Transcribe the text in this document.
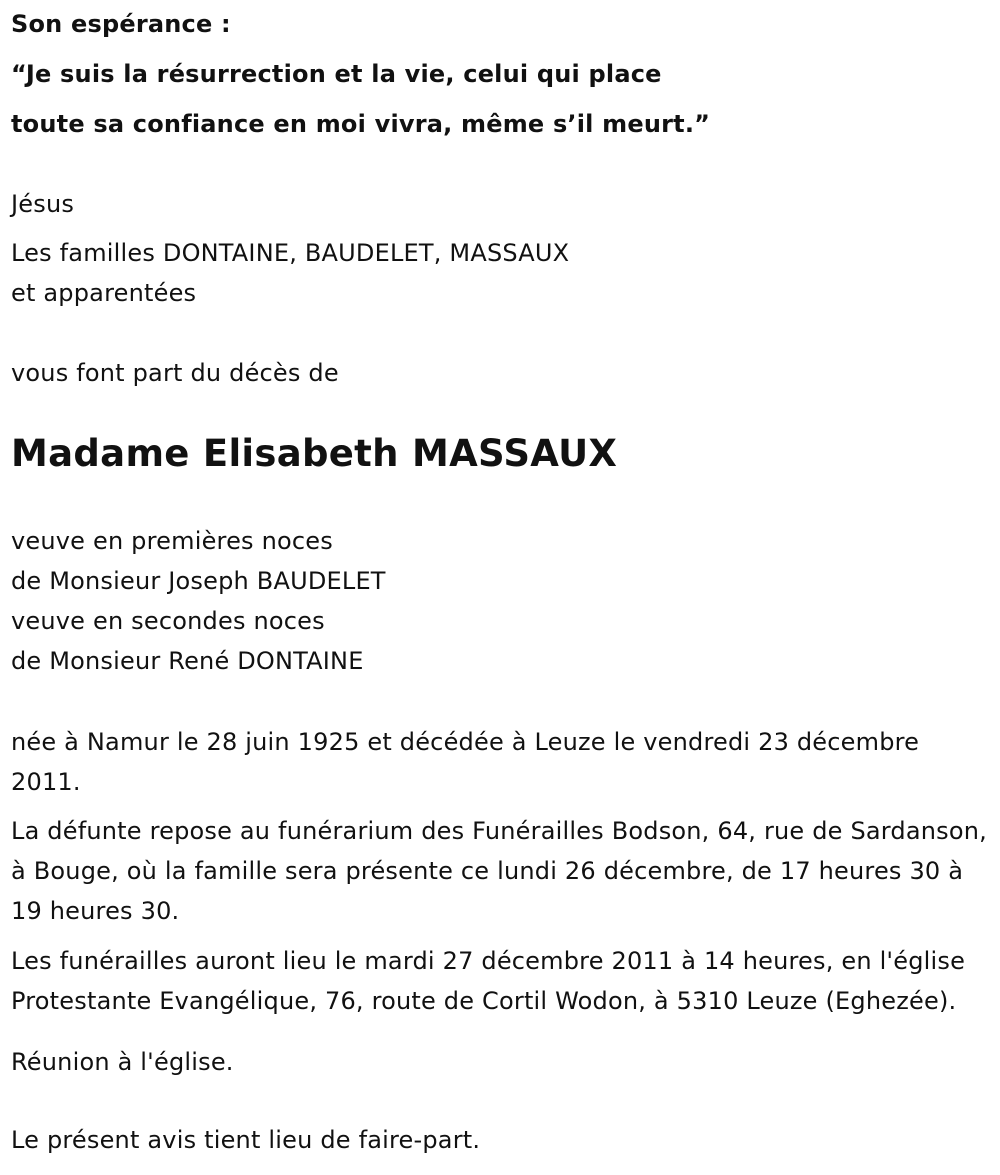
Son espérance :
“Je suis la résurrection et la vie, celui qui place
toute sa confiance en moi vivra, même s’il meurt.”
Jésus
Les familles DONTAINE, BAUDELET, MASSAUX
et apparentées
vous font part du décès de
Madame Elisabeth MASSAUX
veuve en premières noces
de Monsieur Joseph BAUDELET
veuve en secondes noces
de Monsieur René DONTAINE
née à Namur le 28 juin 1925 et décédée à Leuze le vendredi 23 décembre 2011.
La défunte repose au funérarium des Funérailles Bodson, 64, rue de Sardanson, à Bouge, où la famille sera présente ce lundi 26 décembre, de 17 heures 30 à 19 heures 30.
Les funérailles auront lieu le mardi 27 décembre 2011 à 14 heures, en l'église Protestante Evangélique, 76, route de Cortil Wodon, à 5310 Leuze (Eghezée).
Réunion à l'église.
Le présent avis tient lieu de faire-part.
